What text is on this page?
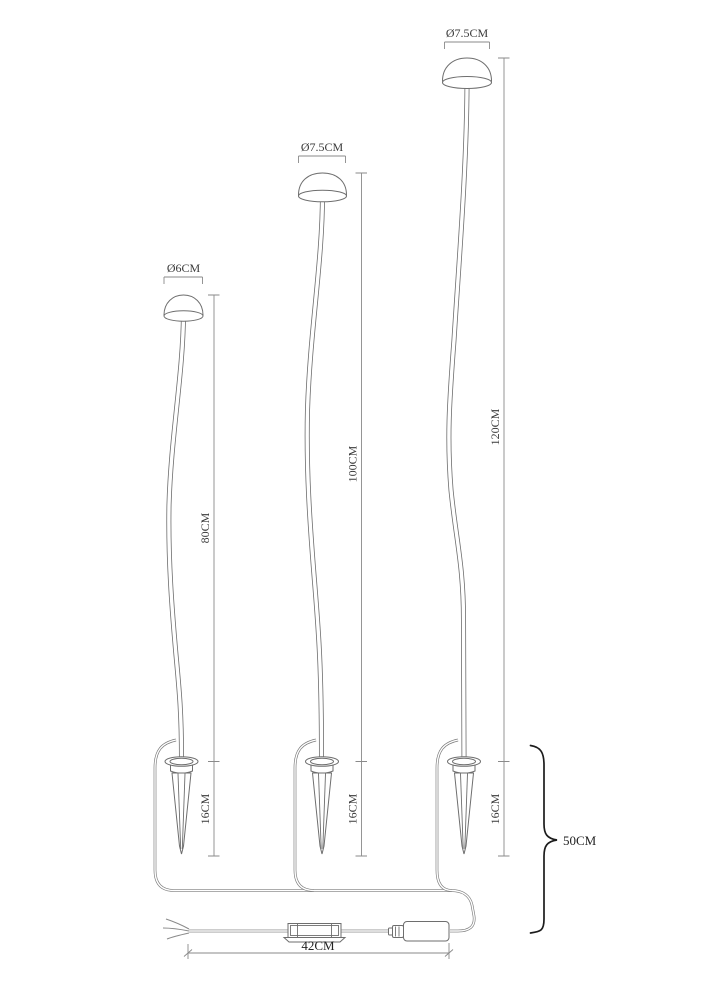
Ø6CM
80CM
16CM
Ø7.5CM
100CM
16CM
Ø7.5CM
120CM
16CM
50CM
42CM
